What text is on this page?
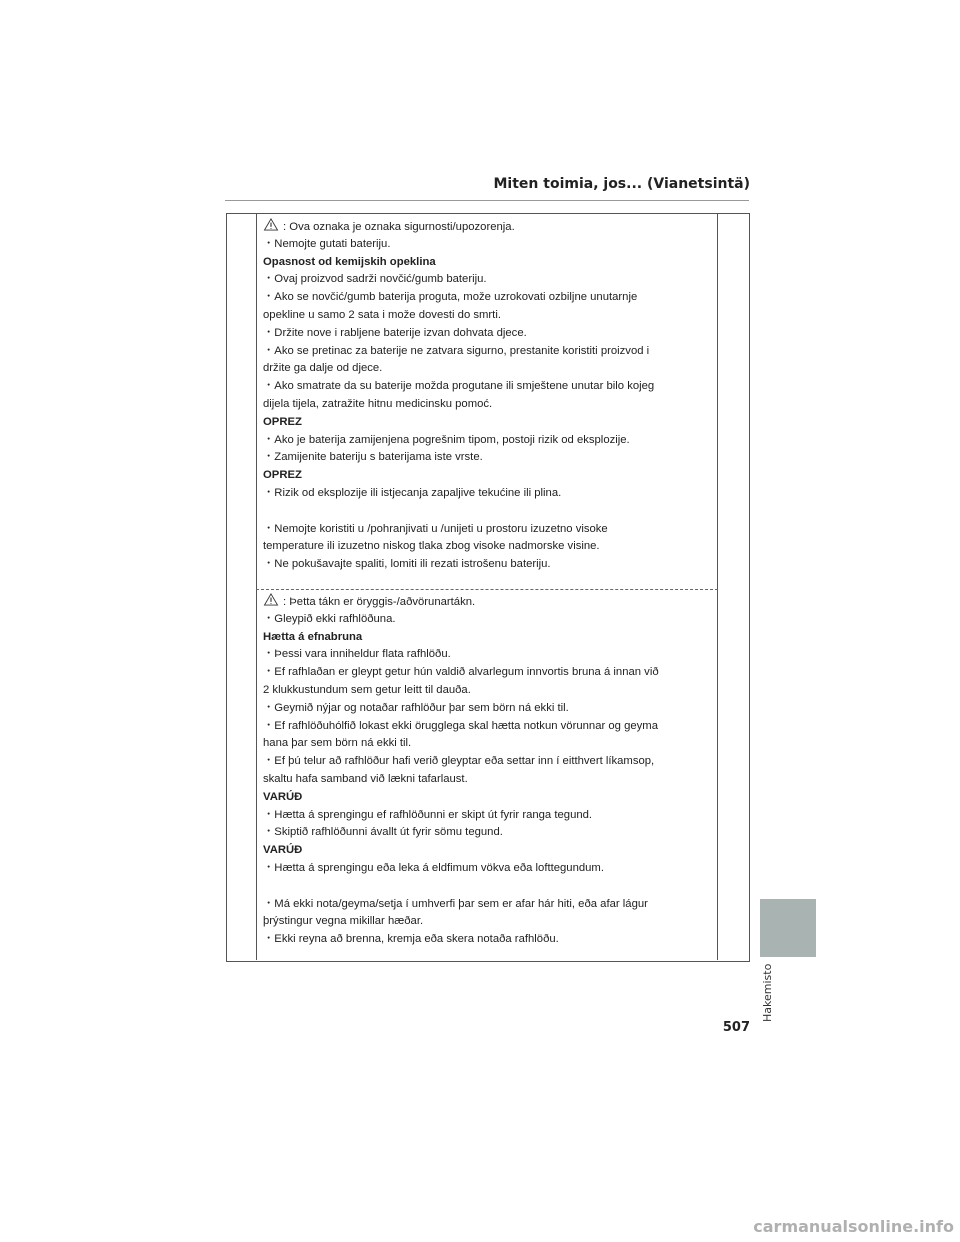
Miten toimia, jos... (Vianetsintä)
: Ova oznaka je oznaka sigurnosti/upozorenja.
・Nemojte gutati bateriju.
Opasnost od kemijskih opeklina
・Ovaj proizvod sadrži novčić/gumb bateriju.
・Ako se novčić/gumb baterija proguta, može uzrokovati ozbiljne unutarnje
opekline u samo 2 sata i može dovesti do smrti.
・Držite nove i rabljene baterije izvan dohvata djece.
・Ako se pretinac za baterije ne zatvara sigurno, prestanite koristiti proizvod i
držite ga dalje od djece.
・Ako smatrate da su baterije možda progutane ili smještene unutar bilo kojeg
dijela tijela, zatražite hitnu medicinsku pomoć.
OPREZ
・Ako je baterija zamijenjena pogrešnim tipom, postoji rizik od eksplozije.
・Zamijenite bateriju s baterijama iste vrste.
OPREZ
・Rizik od eksplozije ili istjecanja zapaljive tekućine ili plina.
・Nemojte koristiti u /pohranjivati u /unijeti u prostoru izuzetno visoke
temperature ili izuzetno niskog tlaka zbog visoke nadmorske visine.
・Ne pokušavajte spaliti, lomiti ili rezati istrošenu bateriju.
: Þetta tákn er öryggis-/aðvörunartákn.
・Gleypið ekki rafhlöðuna.
Hætta á efnabruna
・Þessi vara inniheldur flata rafhlöðu.
・Ef rafhlaðan er gleypt getur hún valdið alvarlegum innvortis bruna á innan við
2 klukkustundum sem getur leitt til dauða.
・Geymið nýjar og notaðar rafhlöður þar sem börn ná ekki til.
・Ef rafhlöðuhólfið lokast ekki örugglega skal hætta notkun vörunnar og geyma
hana þar sem börn ná ekki til.
・Ef þú telur að rafhlöður hafi verið gleyptar eða settar inn í eitthvert líkamsop,
skaltu hafa samband við lækni tafarlaust.
VARÚÐ
・Hætta á sprengingu ef rafhlöðunni er skipt út fyrir ranga tegund.
・Skiptið rafhlöðunni ávallt út fyrir sömu tegund.
VARÚÐ
・Hætta á sprengingu eða leka á eldfimum vökva eða lofttegundum.
・Má ekki nota/geyma/setja í umhverfi þar sem er afar hár hiti, eða afar lágur
þrýstingur vegna mikillar hæðar.
・Ekki reyna að brenna, kremja eða skera notaða rafhlöðu.
Hakemisto
507
carmanualsonline.info
